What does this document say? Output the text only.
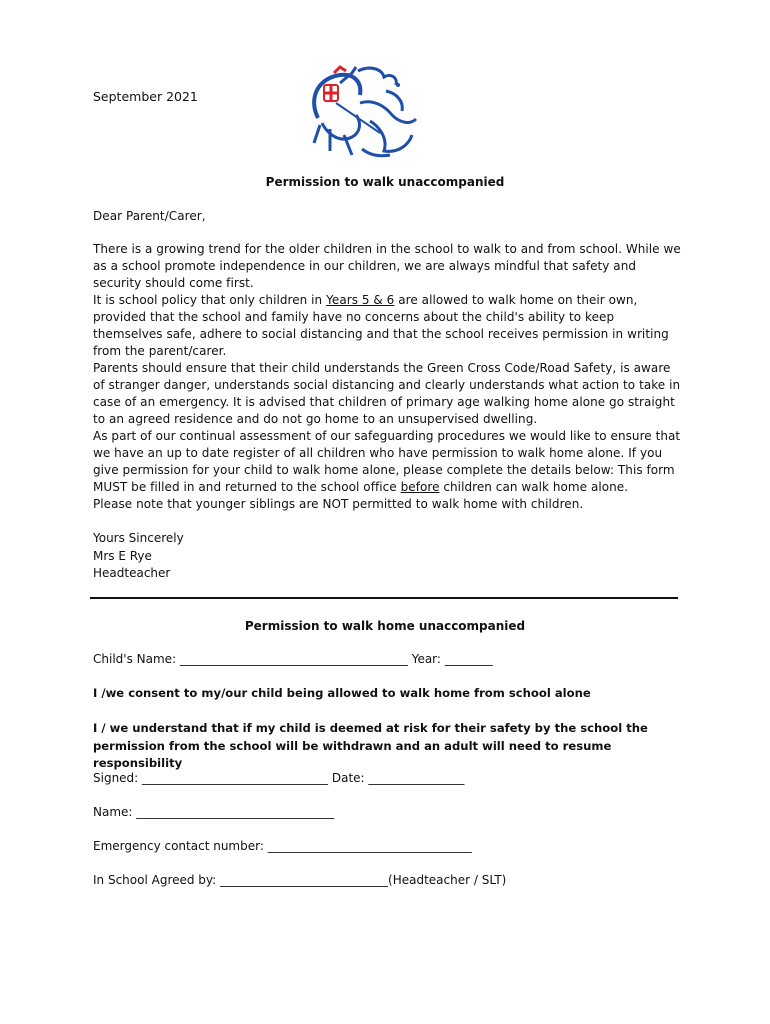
September 2021
Permission to walk unaccompanied
Dear Parent/Carer,

There is a growing trend for the older children in the school to walk to and from school. While we as a school promote independence in our children, we are always mindful that safety and security should come first.

It is school policy that only children in Years 5 & 6 are allowed to walk home on their own, provided that the school and family have no concerns about the child's ability to keep themselves safe, adhere to social distancing and that the school receives permission in writing from the parent/carer.

Parents should ensure that their child understands the Green Cross Code/Road Safety, is aware of stranger danger, understands social distancing and clearly understands what action to take in case of an emergency. It is advised that children of primary age walking home alone go straight to an agreed residence and do not go home to an unsupervised dwelling.

As part of our continual assessment of our safeguarding procedures we would like to ensure that we have an up to date register of all children who have permission to walk home alone. If you give permission for your child to walk home alone, please complete the details below: This form MUST be filled in and returned to the school office before children can walk home alone.

Please note that younger siblings are NOT permitted to walk home with children.

Yours Sincerely
Mrs E Rye
Headteacher
Permission to walk home unaccompanied
Child's Name: ______________________________________ Year: ________
I /we consent to my/our child being allowed to walk home from school alone
I / we understand that if my child is deemed at risk for their safety by the school the permission from the school will be withdrawn and an adult will need to resume responsibility
Signed: _______________________________ Date: ________________
Name: _________________________________
Emergency contact number: __________________________________
In School Agreed by: ____________________________(Headteacher / SLT)
